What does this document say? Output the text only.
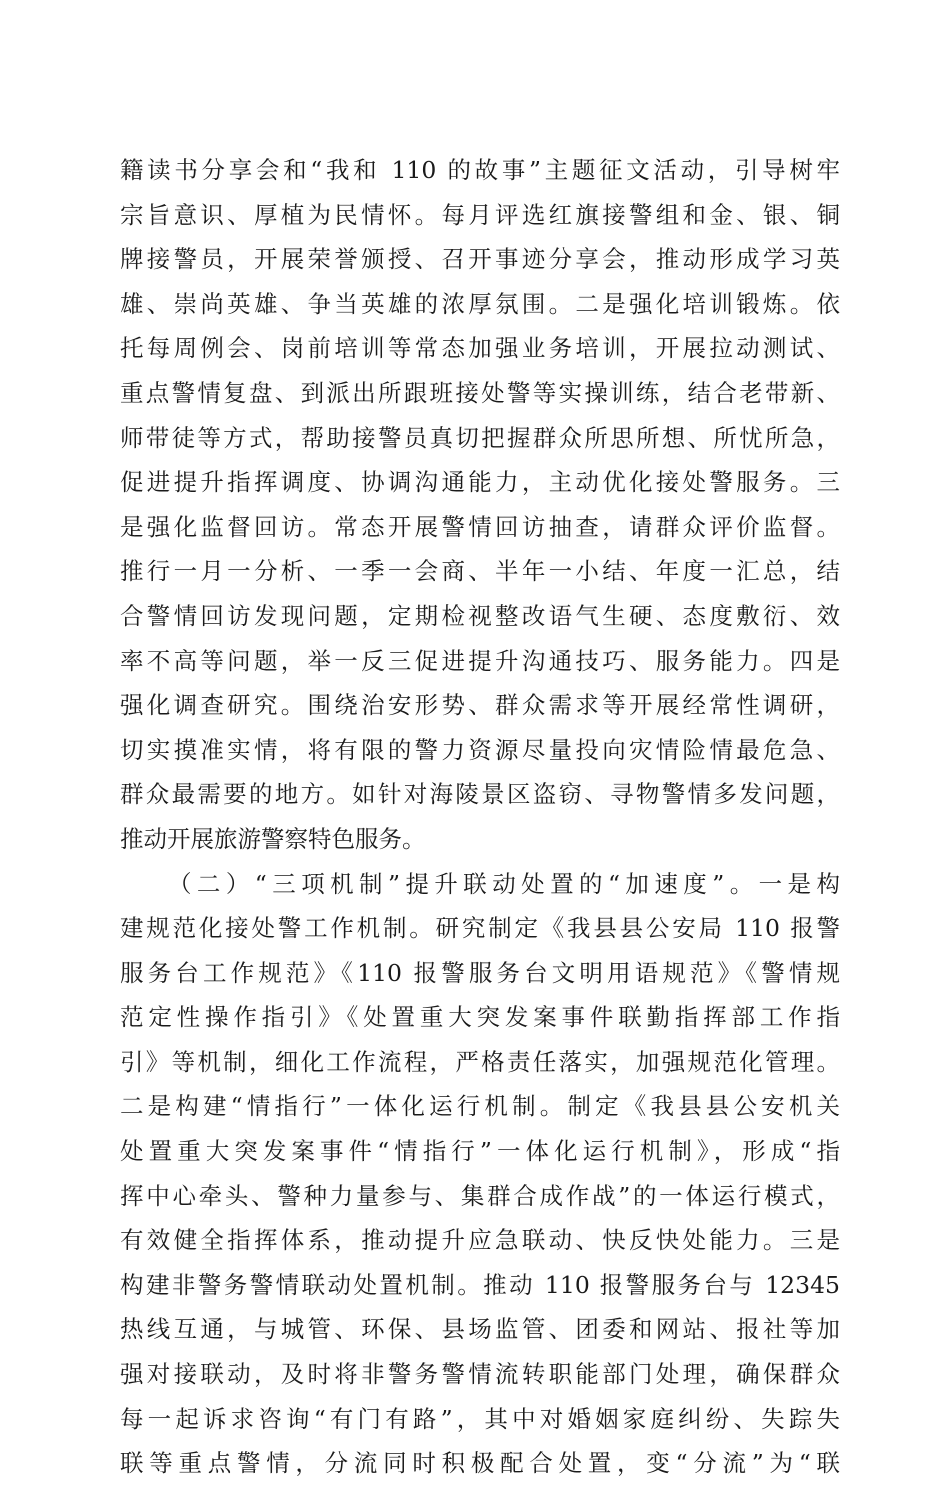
籍读书分享会和“我和 110 的故事”主题征文活动，引导树牢
宗旨意识、厚植为民情怀。每月评选红旗接警组和金、银、铜
牌接警员，开展荣誉颁授、召开事迹分享会，推动形成学习英
雄、崇尚英雄、争当英雄的浓厚氛围。二是强化培训锻炼。依
托每周例会、岗前培训等常态加强业务培训，开展拉动测试、
重点警情复盘、到派出所跟班接处警等实操训练，结合老带新、
师带徒等方式，帮助接警员真切把握群众所思所想、所忧所急，
促进提升指挥调度、协调沟通能力，主动优化接处警服务。三
是强化监督回访。常态开展警情回访抽查，请群众评价监督。
推行一月一分析、一季一会商、半年一小结、年度一汇总，结
合警情回访发现问题，定期检视整改语气生硬、态度敷衍、效
率不高等问题，举一反三促进提升沟通技巧、服务能力。四是
强化调查研究。围绕治安形势、群众需求等开展经常性调研，
切实摸准实情，将有限的警力资源尽量投向灾情险情最危急、
群众最需要的地方。如针对海陵景区盗窃、寻物警情多发问题，
推动开展旅游警察特色服务。
（二）“三项机制”提升联动处置的“加速度”。一是构
建规范化接处警工作机制。研究制定《我县县公安局 110 报警
服务台工作规范》《110 报警服务台文明用语规范》《警情规
范定性操作指引》《处置重大突发案事件联勤指挥部工作指
引》等机制，细化工作流程，严格责任落实，加强规范化管理。
二是构建“情指行”一体化运行机制。制定《我县县公安机关
处置重大突发案事件“情指行”一体化运行机制》，形成“指
挥中心牵头、警种力量参与、集群合成作战”的一体运行模式，
有效健全指挥体系，推动提升应急联动、快反快处能力。三是
构建非警务警情联动处置机制。推动 110 报警服务台与 12345
热线互通，与城管、环保、县场监管、团委和网站、报社等加
强对接联动，及时将非警务警情流转职能部门处理，确保群众
每一起诉求咨询“有门有路”，其中对婚姻家庭纠纷、失踪失
联等重点警情，分流同时积极配合处置，变“分流”为“联
